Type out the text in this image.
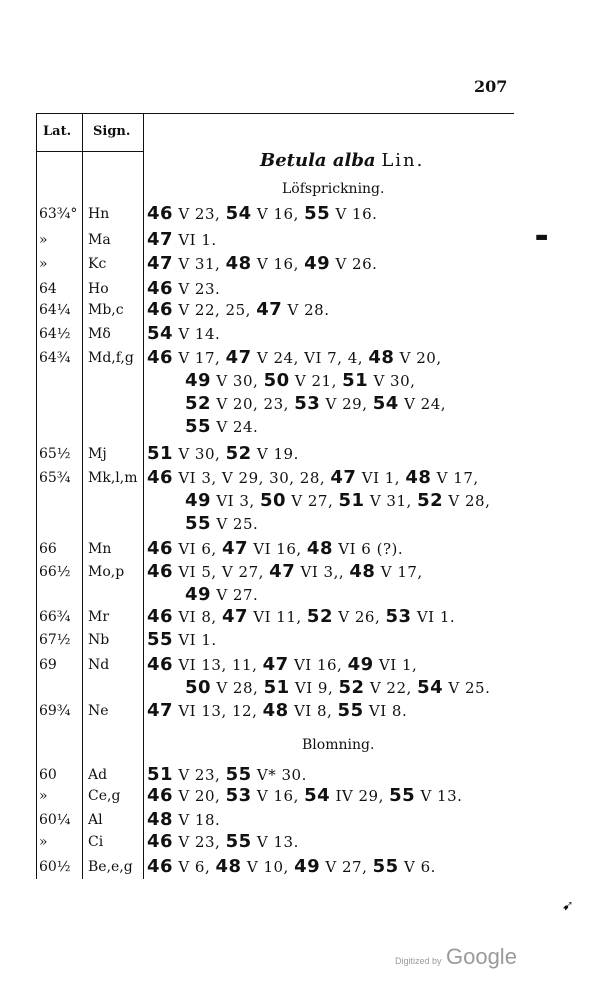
207
Lat. Sign.
Betula alba Lin.
Löfsprickning.
Blomning.
63¾° Hn 46 V 23, 54 V 16, 55 V 16.
»	Ma 47 VI 1.
»	Kc 47 V 31, 48 V 16, 49 V 26.
64 Ho 46 V 23.
64¼ Mb,c 46 V 22, 25, 47 V 28.
64½ Mδ 54 V 14.
64¾ Md,f,g 46 V 17, 47 V 24, VI 7, 4, 48 V 20,
49 V 30, 50 V 21, 51 V 30,
52 V 20, 23, 53 V 29, 54 V 24,
55 V 24.
65½ Mj 51 V 30, 52 V 19.
65¾ Mk,l,m 46 VI 3, V 29, 30, 28, 47 VI 1, 48 V 17,
49 VI 3, 50 V 27, 51 V 31, 52 V 28,
55 V 25.
66 Mn 46 VI 6, 47 VI 16, 48 VI 6 (?).
66½ Mo,p 46 VI 5, V 27, 47 VI 3,, 48 V 17,
49 V 27.
66¾ Mr 46 VI 8, 47 VI 11, 52 V 26, 53 VI 1.
67½ Nb 55 VI 1.
69 Nd 46 VI 13, 11, 47 VI 16, 49 VI 1,
50 V 28, 51 VI 9, 52 V 22, 54 V 25.
69¾ Ne 47 VI 13, 12, 48 VI 8, 55 VI 8.
60 Ad 51 V 23, 55 V* 30.
»	Ce,g 46 V 20, 53 V 16, 54 IV 29, 55 V 13.
60¼ Al 48 V 18.
»	Ci 46 V 23, 55 V 13.
60½ Be,e,g 46 V 6, 48 V 10, 49 V 27, 55 V 6.
▬
➹
Digitized by Google
